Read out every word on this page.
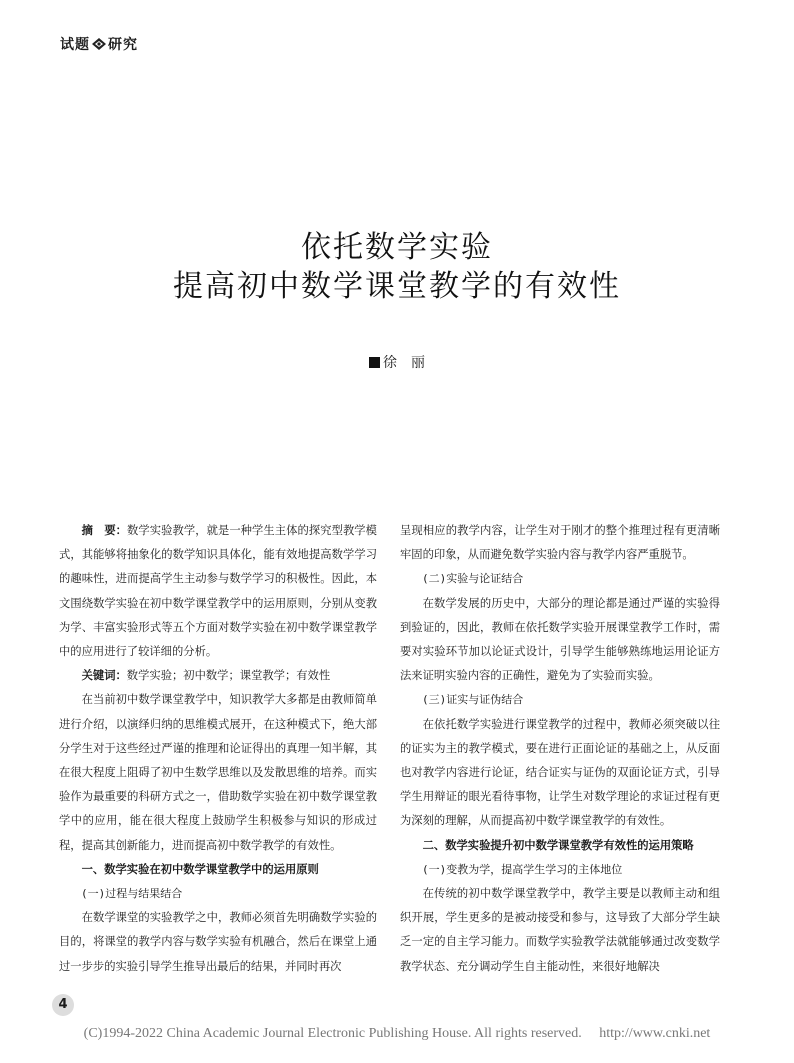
试题 研究
依托数学实验
提高初中数学课堂教学的有效性
徐　丽

摘　要：数学实验教学，就是一种学生主体的探究型教学模式，其能够将抽象化的数学知识具体化，能有效地提高数学学习的趣味性，进而提高学生主动参与数学学习的积极性。因此，本文围绕数学实验在初中数学课堂教学中的运用原则，分别从变教为学、丰富实验形式等五个方面对数学实验在初中数学课堂教学中的应用进行了较详细的分析。

关键词：数学实验；初中数学；课堂教学；有效性

在当前初中数学课堂教学中，知识教学大多都是由教师简单进行介绍，以演绎归纳的思维模式展开，在这种模式下，绝大部分学生对于这些经过严谨的推理和论证得出的真理一知半解，其在很大程度上阻碍了初中生数学思维以及发散思维的培养。而实验作为最重要的科研方式之一，借助数学实验在初中数学课堂教学中的应用，能在很大程度上鼓励学生积极参与知识的形成过程，提高其创新能力，进而提高初中数学教学的有效性。

一、数学实验在初中数学课堂教学中的运用原则

(一)过程与结果结合

在数学课堂的实验教学之中，教师必须首先明确数学实验的目的，将课堂的教学内容与数学实验有机融合，然后在课堂上通过一步步的实验引导学生推导出最后的结果，并同时再次

呈现相应的教学内容，让学生对于刚才的整个推理过程有更清晰牢固的印象，从而避免数学实验内容与教学内容严重脱节。

(二)实验与论证结合

在数学发展的历史中，大部分的理论都是通过严谨的实验得到验证的，因此，教师在依托数学实验开展课堂教学工作时，需要对实验环节加以论证式设计，引导学生能够熟练地运用论证方法来证明实验内容的正确性，避免为了实验而实验。

(三)证实与证伪结合

在依托数学实验进行课堂教学的过程中，教师必须突破以往的证实为主的教学模式，要在进行正面论证的基础之上，从反面也对教学内容进行论证，结合证实与证伪的双面论证方式，引导学生用辩证的眼光看待事物，让学生对数学理论的求证过程有更为深刻的理解，从而提高初中数学课堂教学的有效性。

二、数学实验提升初中数学课堂教学有效性的运用策略

(一)变教为学，提高学生学习的主体地位

在传统的初中数学课堂教学中，教学主要是以教师主动和组织开展，学生更多的是被动接受和参与，这导致了大部分学生缺乏一定的自主学习能力。而数学实验教学法就能够通过改变数学教学状态、充分调动学生自主能动性，来很好地解决

4
(C)1994-2022 China Academic Journal Electronic Publishing House. All rights reserved.　 http://www.cnki.net
